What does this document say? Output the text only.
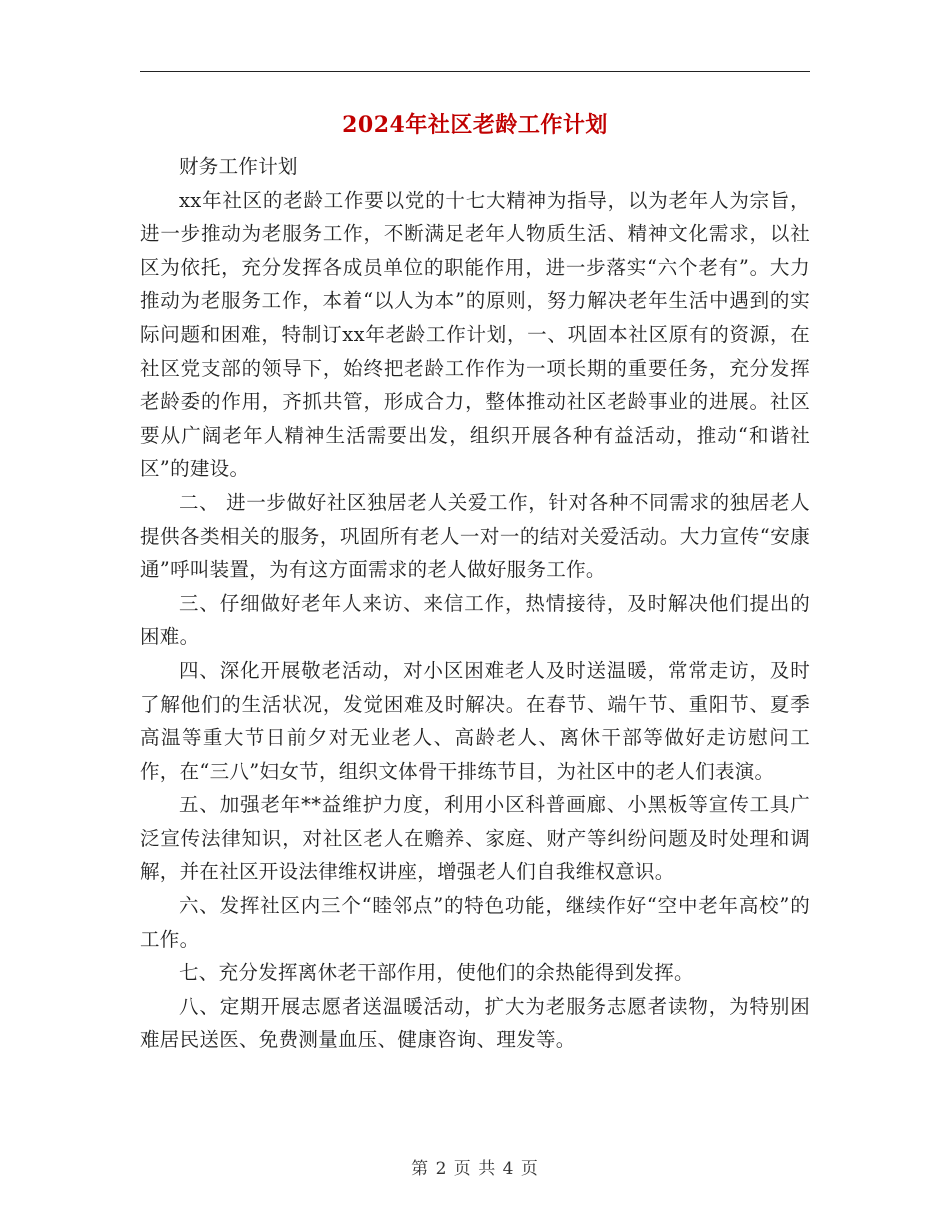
2024年社区老龄工作计划

财务工作计划

xx年社区的老龄工作要以党的十七大精神为指导，以为老年人为宗旨，进一步推动为老服务工作，不断满足老年人物质生活、精神文化需求，以社区为依托，充分发挥各成员单位的职能作用，进一步落实“六个老有”。大力推动为老服务工作，本着“以人为本”的原则，努力解决老年生活中遇到的实际问题和困难，特制订xx年老龄工作计划，一、巩固本社区原有的资源，在社区党支部的领导下，始终把老龄工作作为一项长期的重要任务，充分发挥老龄委的作用，齐抓共管，形成合力，整体推动社区老龄事业的进展。社区要从广阔老年人精神生活需要出发，组织开展各种有益活动，推动“和谐社区”的建设。

二、 进一步做好社区独居老人关爱工作，针对各种不同需求的独居老人提供各类相关的服务，巩固所有老人一对一的结对关爱活动。大力宣传“安康通”呼叫装置，为有这方面需求的老人做好服务工作。

三、仔细做好老年人来访、来信工作，热情接待，及时解决他们提出的困难。

四、深化开展敬老活动，对小区困难老人及时送温暖，常常走访，及时了解他们的生活状况，发觉困难及时解决。在春节、端午节、重阳节、夏季高温等重大节日前夕对无业老人、高龄老人、离休干部等做好走访慰问工作，在“三八”妇女节，组织文体骨干排练节目，为社区中的老人们表演。

五、加强老年**益维护力度，利用小区科普画廊、小黑板等宣传工具广泛宣传法律知识，对社区老人在赡养、家庭、财产等纠纷问题及时处理和调解，并在社区开设法律维权讲座，增强老人们自我维权意识。

六、发挥社区内三个“睦邻点”的特色功能，继续作好“空中老年高校”的工作。

七、充分发挥离休老干部作用，使他们的余热能得到发挥。

八、定期开展志愿者送温暖活动，扩大为老服务志愿者读物，为特别困难居民送医、免费测量血压、健康咨询、理发等。

第 2 页 共 4 页
